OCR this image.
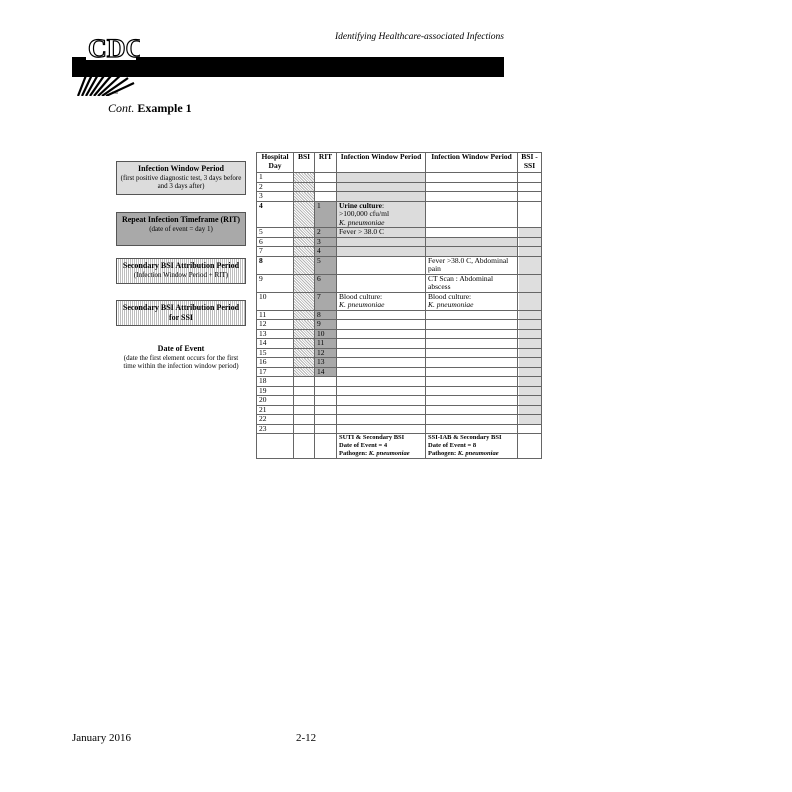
Identifying Healthcare-associated Infections
CDC
TM
Cont. Example 1
Infection Window Period
(first positive diagnostic test, 3 days before and 3 days after)
Repeat Infection Timeframe (RIT)
(date of event = day 1)
Secondary BSI Attribution Period
(Infection Window Period + RIT)
Secondary BSI Attribution Period for SSI
Date of Event
(date the first element occurs for the first time within the infection window period)
Hospital Day	BSI	RIT	Infection Window Period	Infection Window Period	BSI -SSI
1					
2					
3					
4		1	Urine culture:
>100,000 cfu/ml
K. pneumoniae		
5		2	Fever > 38.0 C		
6		3			
7		4			
8		5		Fever >38.0 C, Abdominal pain	
9		6		CT Scan : Abdominal abscess	
10		7	Blood culture:
K. pneumoniae	Blood culture:
K. pneumoniae	
11		8			
12		9			
13		10			
14		11			
15		12			
16		13			
17		14			
18					
19					
20					
21					
22					
23					
			SUTI & Secondary BSI
Date of Event = 4
Pathogen: K. pneumoniae	SSI-IAB & Secondary BSI
Date of Event = 8
Pathogen: K. pneumoniae	
January 2016	2-12
